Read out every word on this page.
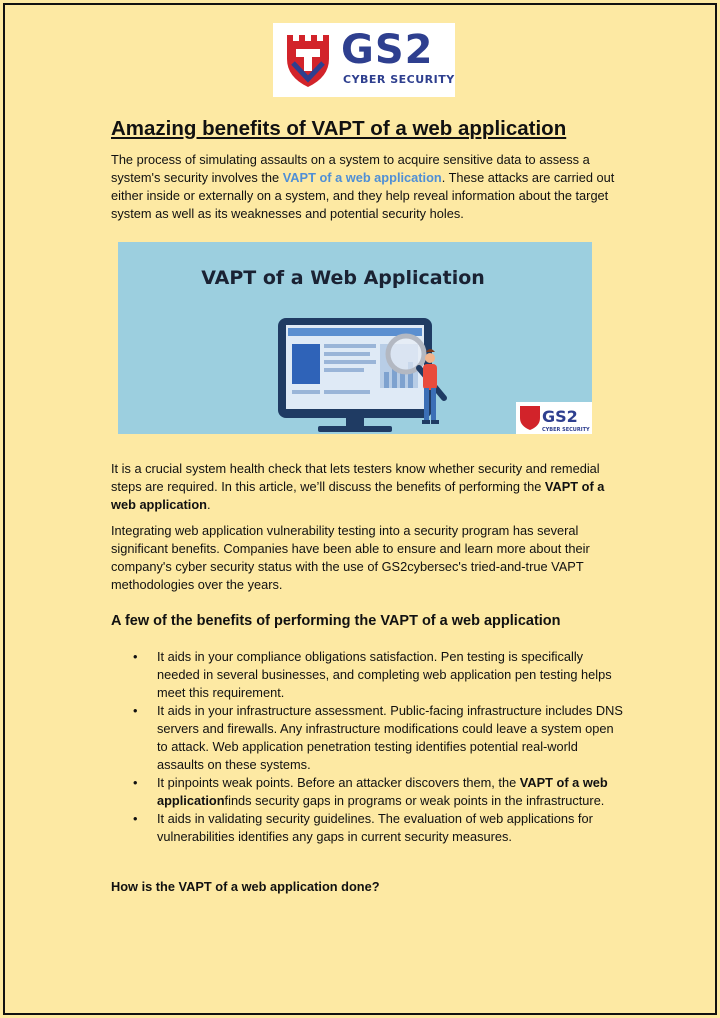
GS2
CYBER SECURITY
Amazing benefits of VAPT of a web application

The process of simulating assaults on a system to acquire sensitive data to assess a system's security involves the VAPT of a web application. These attacks are carried out either inside or externally on a system, and they help reveal information about the target system as well as its weaknesses and potential security holes.

VAPT of a Web Application
GS2
CYBER SECURITY

It is a crucial system health check that lets testers know whether security and remedial steps are required. In this article, we’ll discuss the benefits of performing the VAPT of a web application.

Integrating web application vulnerability testing into a security program has several significant benefits. Companies have been able to ensure and learn more about their company's cyber security status with the use of GS2cybersec's tried-and-true VAPT methodologies over the years.

A few of the benefits of performing the VAPT of a web application
• It aids in your compliance obligations satisfaction. Pen testing is specifically needed in several businesses, and completing web application pen testing helps meet this requirement.
• It aids in your infrastructure assessment. Public-facing infrastructure includes DNS servers and firewalls. Any infrastructure modifications could leave a system open to attack. Web application penetration testing identifies potential real-world assaults on these systems.
• It pinpoints weak points. Before an attacker discovers them, the VAPT of a web applicationfinds security gaps in programs or weak points in the infrastructure.
• It aids in validating security guidelines. The evaluation of web applications for vulnerabilities identifies any gaps in current security measures.
How is the VAPT of a web application done?
